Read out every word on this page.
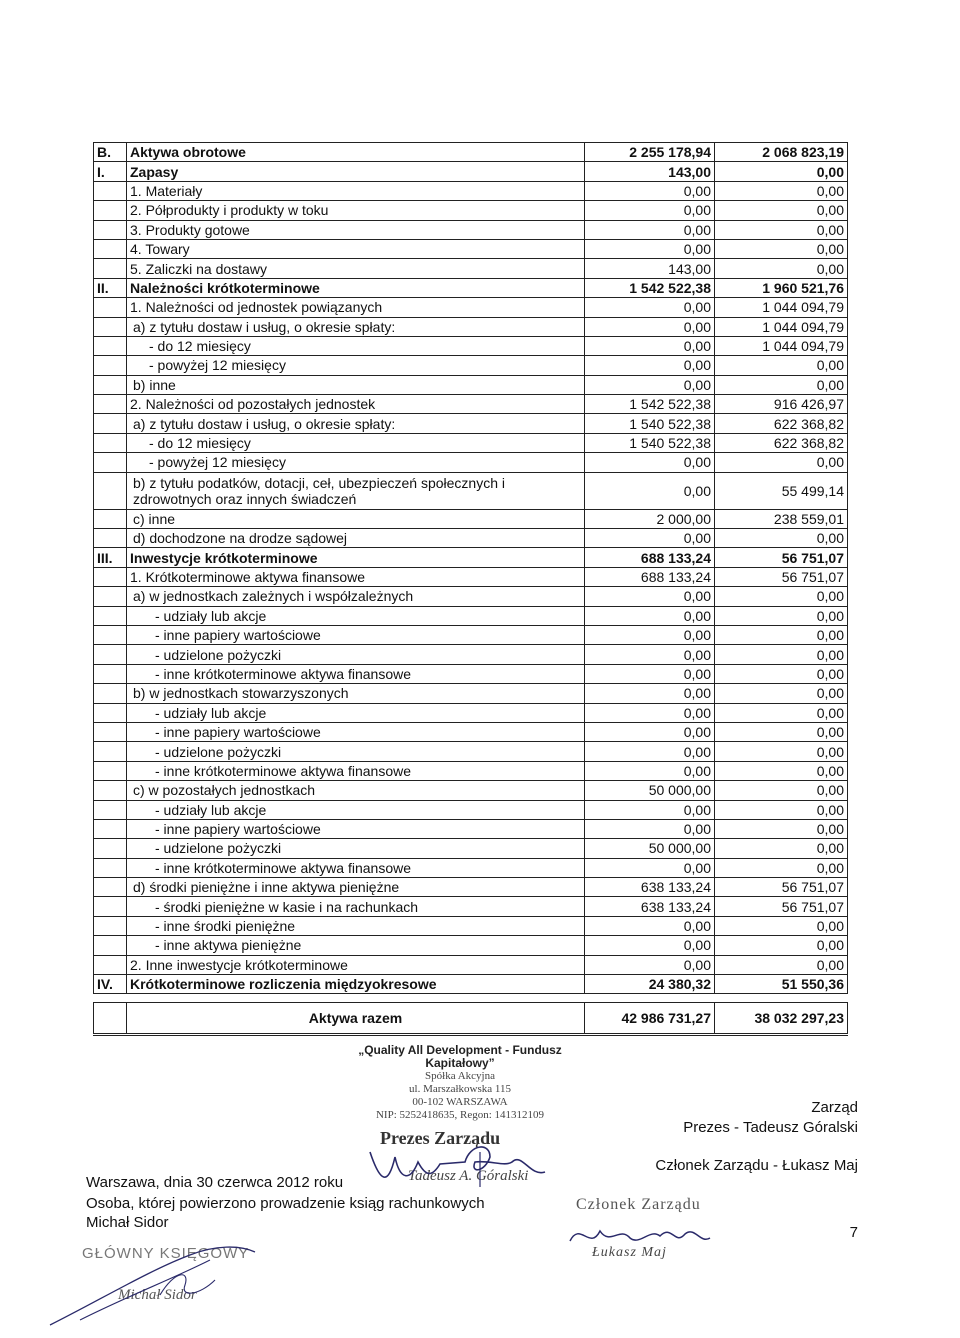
B.	Aktywa obrotowe	2 255 178,94	2 068 823,19
I.	Zapasy	143,00	0,00
	1. Materiały	0,00	0,00
	2. Półprodukty i produkty w toku	0,00	0,00
	3. Produkty gotowe	0,00	0,00
	4. Towary	0,00	0,00
	5. Zaliczki na dostawy	143,00	0,00
II.	Należności krótkoterminowe	1 542 522,38	1 960 521,76
	1. Należności od jednostek powiązanych	0,00	1 044 094,79
	a) z tytułu dostaw i usług, o okresie spłaty:	0,00	1 044 094,79
	- do 12 miesięcy	0,00	1 044 094,79
	- powyżej 12 miesięcy	0,00	0,00
	b) inne	0,00	0,00
	2. Należności od pozostałych jednostek	1 542 522,38	916 426,97
	a) z tytułu dostaw i usług, o okresie spłaty:	1 540 522,38	622 368,82
	- do 12 miesięcy	1 540 522,38	622 368,82
	- powyżej 12 miesięcy	0,00	0,00
	b) z tytułu podatków, dotacji, ceł, ubezpieczeń społecznych i zdrowotnych oraz innych świadczeń	0,00	55 499,14
	c) inne	2 000,00	238 559,01
	d) dochodzone na drodze sądowej	0,00	0,00
III.	Inwestycje krótkoterminowe	688 133,24	56 751,07
	1. Krótkoterminowe aktywa finansowe	688 133,24	56 751,07
	a) w jednostkach zależnych i współzależnych	0,00	0,00
	- udziały lub akcje	0,00	0,00
	- inne papiery wartościowe	0,00	0,00
	- udzielone pożyczki	0,00	0,00
	- inne krótkoterminowe aktywa finansowe	0,00	0,00
	b) w jednostkach stowarzyszonych	0,00	0,00
	- udziały lub akcje	0,00	0,00
	- inne papiery wartościowe	0,00	0,00
	- udzielone pożyczki	0,00	0,00
	- inne krótkoterminowe aktywa finansowe	0,00	0,00
	c) w pozostałych jednostkach	50 000,00	0,00
	- udziały lub akcje	0,00	0,00
	- inne papiery wartościowe	0,00	0,00
	- udzielone pożyczki	50 000,00	0,00
	- inne krótkoterminowe aktywa finansowe	0,00	0,00
	d) środki pieniężne i inne aktywa pieniężne	638 133,24	56 751,07
	- środki pieniężne w kasie i na rachunkach	638 133,24	56 751,07
	- inne środki pieniężne	0,00	0,00
	- inne aktywa pieniężne	0,00	0,00
	2. Inne inwestycje krótkoterminowe	0,00	0,00
IV.	Krótkoterminowe rozliczenia międzyokresowe	24 380,32	51 550,36

	Aktywa razem	42 986 731,27	38 032 297,23
„Quality All Development - Fundusz Kapitałowy”
Spółka Akcyjna
ul. Marszałkowska 115
00-102 WARSZAWA
NIP: 5252418635, Regon: 141312109
Prezes Zarządu
Tadeusz A. Góralski
Warszawa, dnia 30 czerwca 2012 roku
Osoba, której powierzono prowadzenie ksiąg rachunkowych
Michał Sidor
Zarząd
Prezes - Tadeusz Góralski
Członek Zarządu - Łukasz Maj
7
Członek Zarządu
Łukasz Maj
GŁÓWNY KSIĘGOWY
Michał Sidor
